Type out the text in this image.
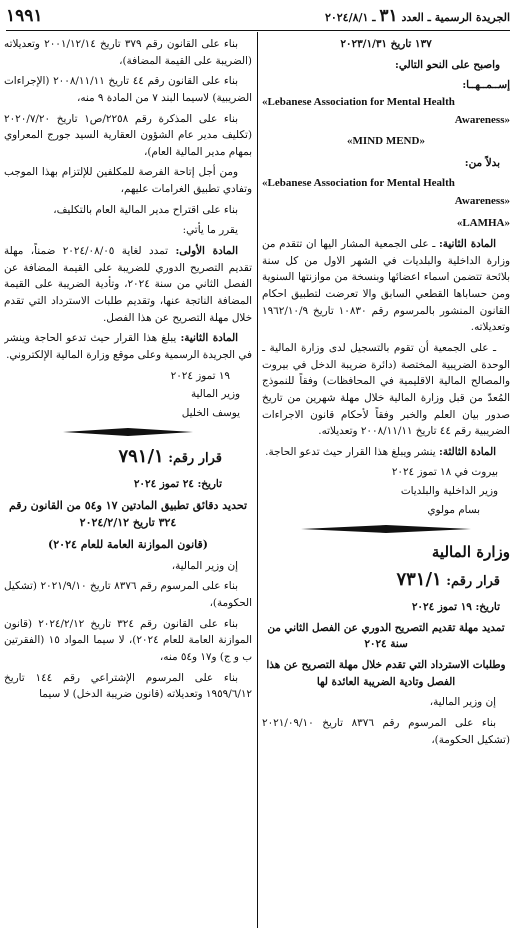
الجريدة الرسمية ـ العدد ٣١ ـ ٢٠٢٤/٨/١
١٩٩١

١٣٧ تاريخ ٢٠٢٣/١/٣١

واصبح على النحو التالي:

إســمــهــا:

«Lebanese Association for Mental Health Awareness»

«MIND MEND»

بدلاً من:

«Lebanese Association for Mental Health Awareness»

«LAMHA»

المادة الثانية: ـ على الجمعية المشار اليها ان تتقدم من وزارة الداخلية والبلديات في الشهر الاول من كل سنة بلائحة تتضمن اسماء اعضائها وبنسخة من موازنتها السنوية ومن حساباها القطعي السابق والا تعرضت لتطبيق احكام القانون المنشور بالمرسوم رقم ١٠٨٣٠ تاريخ ١٩٦٢/١٠/٩ وتعديلاته.

ـ على الجمعية أن تقوم بالتسجيل لدى وزارة المالية ـ الوحدة الضريبية المختصة (دائرة ضريبة الدخل في بيروت والمصالح المالية الاقليمية في المحافظات) وفقاً للنموذج المُعدّ من قبل وزارة المالية خلال مهلة شهرين من تاريخ صدور بيان العلم والخبر وفقاً لأحكام قانون الاجراءات الضريبية رقم ٤٤ تاريخ ٢٠٠٨/١١/١١ وتعديلاته.

المادة الثالثة: ينشر ويبلغ هذا القرار حيث تدعو الحاجة.

بيروت في ١٨ تموز ٢٠٢٤

وزير الداخلية والبلديات

بسام مولوي

وزارة المالية

قرار رقم: ٧٣١/١

تاريخ: ١٩ تموز ٢٠٢٤

تمديد مهلة تقديم التصريح الدوري عن الفصل الثاني من سنة ٢٠٢٤

وطلبات الاسترداد التي تقدم خلال مهلة التصريح عن هذا الفصل وتادية الضريبة العائدة لها

إن وزير المالية،

بناء على المرسوم رقم ٨٣٧٦ تاريخ ٢٠٢١/٠٩/١٠ (تشكيل الحكومة)،

بناء على القانون رقم ٣٧٩ تاريخ ٢٠٠١/١٢/١٤ وتعديلاته (الضريبة على القيمة المضافة)،

بناء على القانون رقم ٤٤ تاريخ ٢٠٠٨/١١/١١ (الإجراءات الضريبية) لاسيما البند ٧ من المادة ٩ منه،

بناء على المذكرة رقم ٢٢٥٨/ص١ تاريخ ٢٠٢٠/٧/٢٠ (تكليف مدير عام الشؤون العقارية السيد جورج المعراوي بمهام مدير المالية العام)،

ومن أجل إتاحة الفرصة للمكلفين للإلتزام بهذا الموجب وتفادي تطبيق الغرامات عليهم،

بناء على اقتراح مدير المالية العام بالتكليف،

يقرر ما يأتي:

المادة الأولى: تمدد لغاية ٢٠٢٤/٠٨/٠٥ ضمناً، مهلة تقديم التصريح الدوري للضريبة على القيمة المضافة عن الفصل الثاني من سنة ٢٠٢٤، وتأدية الضريبة على القيمة المضافة الناتجة عنها، وتقديم طلبات الاسترداد التي تقدم خلال مهلة التصريح عن هذا الفصل.

المادة الثانية: يبلغ هذا القرار حيث تدعو الحاجة وينشر في الجريدة الرسمية وعلى موقع وزارة المالية الإلكتروني.

١٩ تموز ٢٠٢٤

وزير المالية

يوسف الخليل

قرار رقم: ٧٩١/١

تاريخ: ٢٤ تموز ٢٠٢٤

تحديد دقائق تطبيق المادتين ١٧ و٥٤ من القانون رقم ٣٢٤ تاريخ ٢٠٢٤/٢/١٢

(قانون الموازنة العامة للعام ٢٠٢٤)

إن وزير المالية،

بناء على المرسوم رقم ٨٣٧٦ تاريخ ٢٠٢١/٩/١٠ (تشكيل الحكومة)،

بناء على القانون رقم ٣٢٤ تاريخ ٢٠٢٤/٢/١٢ (قانون الموازنة العامة للعام ٢٠٢٤)، لا سيما المواد ١٥ (الفقرتين ب و ج) و١٧ و٥٤ منه،

بناء على المرسوم الإشتراعي رقم ١٤٤ تاريخ ١٩٥٩/٦/١٢ وتعديلاته (قانون ضريبة الدخل) لا سيما
